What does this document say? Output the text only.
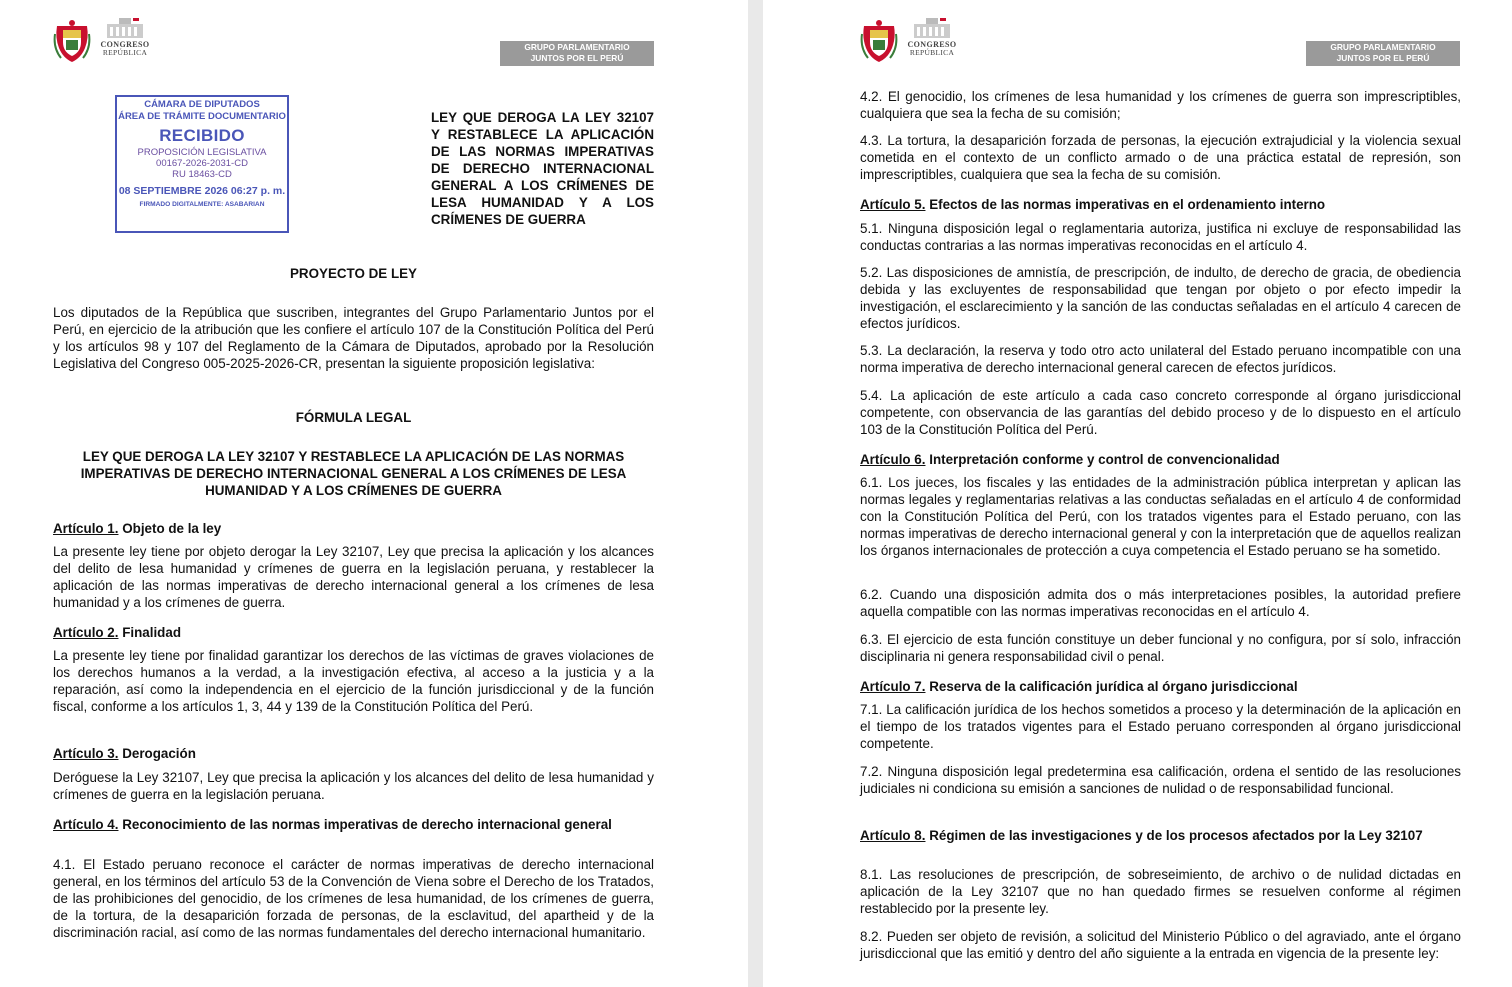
CONGRESO
REPÚBLICA
GRUPO PARLAMENTARIO
JUNTOS POR EL PERÚ
CÁMARA DE DIPUTADOS
ÁREA DE TRÁMITE DOCUMENTARIO
RECIBIDO
PROPOSICIÓN LEGISLATIVA
00167-2026-2031-CD
RU 18463-CD
08 SEPTIEMBRE 2026 06:27 p. m.
FIRMADO DIGITALMENTE: ASABARIAN
LEY QUE DEROGA LA LEY 32107 Y RESTABLECE LA APLICACIÓN DE LAS NORMAS IMPERATIVAS DE DERECHO INTERNACIONAL GENERAL A LOS CRÍMENES DE LESA HUMANIDAD Y A LOS CRÍMENES DE GUERRA
PROYECTO DE LEY
Los diputados de la República que suscriben, integrantes del Grupo Parlamentario Juntos por el Perú, en ejercicio de la atribución que les confiere el artículo 107 de la Constitución Política del Perú y los artículos 98 y 107 del Reglamento de la Cámara de Diputados, aprobado por la Resolución Legislativa del Congreso 005-2025-2026-CR, presentan la siguiente proposición legislativa:
FÓRMULA LEGAL
LEY QUE DEROGA LA LEY 32107 Y RESTABLECE LA APLICACIÓN DE LAS NORMAS IMPERATIVAS DE DERECHO INTERNACIONAL GENERAL A LOS CRÍMENES DE LESA HUMANIDAD Y A LOS CRÍMENES DE GUERRA
Artículo 1. Objeto de la ley
La presente ley tiene por objeto derogar la Ley 32107, Ley que precisa la aplicación y los alcances del delito de lesa humanidad y crímenes de guerra en la legislación peruana, y restablecer la aplicación de las normas imperativas de derecho internacional general a los crímenes de lesa humanidad y a los crímenes de guerra.
Artículo 2. Finalidad
La presente ley tiene por finalidad garantizar los derechos de las víctimas de graves violaciones de los derechos humanos a la verdad, a la investigación efectiva, al acceso a la justicia y a la reparación, así como la independencia en el ejercicio de la función jurisdiccional y de la función fiscal, conforme a los artículos 1, 3, 44 y 139 de la Constitución Política del Perú.
Artículo 3. Derogación
Deróguese la Ley 32107, Ley que precisa la aplicación y los alcances del delito de lesa humanidad y crímenes de guerra en la legislación peruana.
Artículo 4. Reconocimiento de las normas imperativas de derecho internacional general
4.1. El Estado peruano reconoce el carácter de normas imperativas de derecho internacional general, en los términos del artículo 53 de la Convención de Viena sobre el Derecho de los Tratados, de las prohibiciones del genocidio, de los crímenes de lesa humanidad, de los crímenes de guerra, de la tortura, de la desaparición forzada de personas, de la esclavitud, del apartheid y de la discriminación racial, así como de las normas fundamentales del derecho internacional humanitario.
CONGRESO
REPÚBLICA
GRUPO PARLAMENTARIO
JUNTOS POR EL PERÚ
4.2. El genocidio, los crímenes de lesa humanidad y los crímenes de guerra son imprescriptibles, cualquiera que sea la fecha de su comisión;
4.3. La tortura, la desaparición forzada de personas, la ejecución extrajudicial y la violencia sexual cometida en el contexto de un conflicto armado o de una práctica estatal de represión, son imprescriptibles, cualquiera que sea la fecha de su comisión.
Artículo 5. Efectos de las normas imperativas en el ordenamiento interno
5.1. Ninguna disposición legal o reglamentaria autoriza, justifica ni excluye de responsabilidad las conductas contrarias a las normas imperativas reconocidas en el artículo 4.
5.2. Las disposiciones de amnistía, de prescripción, de indulto, de derecho de gracia, de obediencia debida y las excluyentes de responsabilidad que tengan por objeto o por efecto impedir la investigación, el esclarecimiento y la sanción de las conductas señaladas en el artículo 4 carecen de efectos jurídicos.
5.3. La declaración, la reserva y todo otro acto unilateral del Estado peruano incompatible con una norma imperativa de derecho internacional general carecen de efectos jurídicos.
5.4. La aplicación de este artículo a cada caso concreto corresponde al órgano jurisdiccional competente, con observancia de las garantías del debido proceso y de lo dispuesto en el artículo 103 de la Constitución Política del Perú.
Artículo 6. Interpretación conforme y control de convencionalidad
6.1. Los jueces, los fiscales y las entidades de la administración pública interpretan y aplican las normas legales y reglamentarias relativas a las conductas señaladas en el artículo 4 de conformidad con la Constitución Política del Perú, con los tratados vigentes para el Estado peruano, con las normas imperativas de derecho internacional general y con la interpretación que de aquellos realizan los órganos internacionales de protección a cuya competencia el Estado peruano se ha sometido.
6.2. Cuando una disposición admita dos o más interpretaciones posibles, la autoridad prefiere aquella compatible con las normas imperativas reconocidas en el artículo 4.
6.3. El ejercicio de esta función constituye un deber funcional y no configura, por sí solo, infracción disciplinaria ni genera responsabilidad civil o penal.
Artículo 7. Reserva de la calificación jurídica al órgano jurisdiccional
7.1. La calificación jurídica de los hechos sometidos a proceso y la determinación de la aplicación en el tiempo de los tratados vigentes para el Estado peruano corresponden al órgano jurisdiccional competente.
7.2. Ninguna disposición legal predetermina esa calificación, ordena el sentido de las resoluciones judiciales ni condiciona su emisión a sanciones de nulidad o de responsabilidad funcional.
Artículo 8. Régimen de las investigaciones y de los procesos afectados por la Ley 32107
8.1. Las resoluciones de prescripción, de sobreseimiento, de archivo o de nulidad dictadas en aplicación de la Ley 32107 que no han quedado firmes se resuelven conforme al régimen restablecido por la presente ley.
8.2. Pueden ser objeto de revisión, a solicitud del Ministerio Público o del agraviado, ante el órgano jurisdiccional que las emitió y dentro del año siguiente a la entrada en vigencia de la presente ley:
